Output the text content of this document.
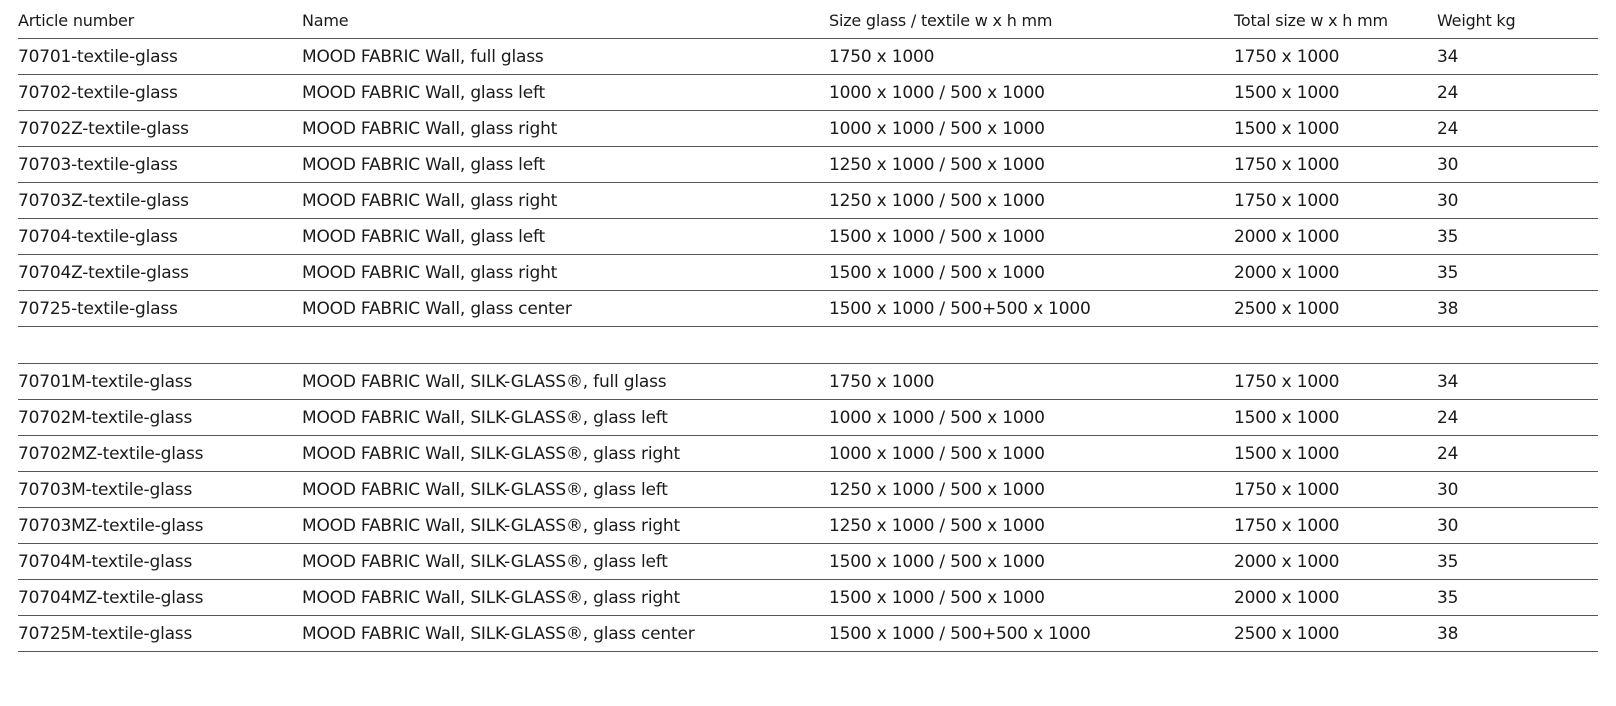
Article number	Name	Size glass / textile w x h mm	Total size w x h mm	Weight kg
70701-textile-glass	MOOD FABRIC Wall, full glass	1750 x 1000	1750 x 1000	34
70702-textile-glass	MOOD FABRIC Wall, glass left	1000 x 1000 / 500 x 1000	1500 x 1000	24
70702Z-textile-glass	MOOD FABRIC Wall, glass right	1000 x 1000 / 500 x 1000	1500 x 1000	24
70703-textile-glass	MOOD FABRIC Wall, glass left	1250 x 1000 / 500 x 1000	1750 x 1000	30
70703Z-textile-glass	MOOD FABRIC Wall, glass right	1250 x 1000 / 500 x 1000	1750 x 1000	30
70704-textile-glass	MOOD FABRIC Wall, glass left	1500 x 1000 / 500 x 1000	2000 x 1000	35
70704Z-textile-glass	MOOD FABRIC Wall, glass right	1500 x 1000 / 500 x 1000	2000 x 1000	35
70725-textile-glass	MOOD FABRIC Wall, glass center	1500 x 1000 / 500+500 x 1000	2500 x 1000	38
70701M-textile-glass	MOOD FABRIC Wall, SILK-GLASS®, full glass	1750 x 1000	1750 x 1000	34
70702M-textile-glass	MOOD FABRIC Wall, SILK-GLASS®, glass left	1000 x 1000 / 500 x 1000	1500 x 1000	24
70702MZ-textile-glass	MOOD FABRIC Wall, SILK-GLASS®, glass right	1000 x 1000 / 500 x 1000	1500 x 1000	24
70703M-textile-glass	MOOD FABRIC Wall, SILK-GLASS®, glass left	1250 x 1000 / 500 x 1000	1750 x 1000	30
70703MZ-textile-glass	MOOD FABRIC Wall, SILK-GLASS®, glass right	1250 x 1000 / 500 x 1000	1750 x 1000	30
70704M-textile-glass	MOOD FABRIC Wall, SILK-GLASS®, glass left	1500 x 1000 / 500 x 1000	2000 x 1000	35
70704MZ-textile-glass	MOOD FABRIC Wall, SILK-GLASS®, glass right	1500 x 1000 / 500 x 1000	2000 x 1000	35
70725M-textile-glass	MOOD FABRIC Wall, SILK-GLASS®, glass center	1500 x 1000 / 500+500 x 1000	2500 x 1000	38
